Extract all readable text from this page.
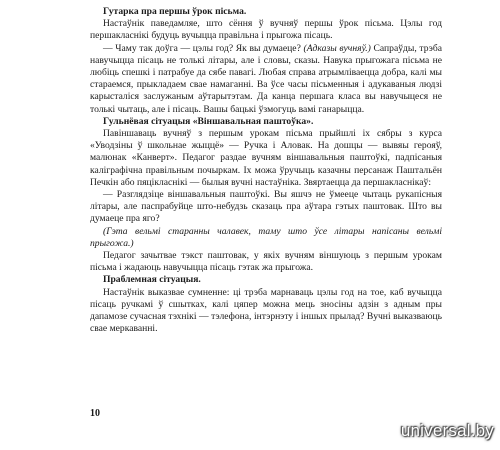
Гутарка пра першы ўрок пісьма.

Настаўнік паведамляе, што сёння ў вучняў першы ўрок пісьма. Цэлы год першакласнікі будуць вучыцца правільна і прыгожа пісаць.

— Чаму так доўга — цэлы год? Як вы думаеце? (Адказы вучняў.) Сапраўды, трэба навучыцца пісаць не толькі літары, але і словы, сказы. Навука прыгожага пісьма не любіць спешкі і патрабуе да сябе павагі. Любая справа атрымліваецца добра, калі мы стараемся, прыкладаем свае намаганні. Ва ўсе часы пісьменныя і адукаваныя людзі карысталіся заслужаным аўтарытэтам. Да канца першага класа вы навучыцеся не толькі чытаць, але і пісаць. Вашы бацькі ўзмогуць вамі ганарыцца.

Гульнёвая сітуацыя «Віншавальная паштоўка».

Павіншаваць вучняў з першым урокам пісьма прыйшлі іх сябры з курса «Уводзіны ў школьнае жыццё» — Ручка і Аловак. На дошцы — вывяы герояў, малюнак «Канверт». Педагог раздае вучням віншавальныя паштоўкі, падпісаныя каліграфічна правільным почыркам. Іх можа ўручыць казачны персанаж Паштальён Печкін або пяцікласнікі — былыя вучні настаўніка. Звяртаецца да першакласнікаў:

— Разглядзіце віншавальныя паштоўкі. Вы яшчэ не ўмееце чытаць рукапісныя літары, але паспрабуйце што-небудзь сказаць пра аўтара гэтых паштовак. Што вы думаеце пра яго?

(Гэта вельмі старанны чалавек, таму што ўсе літары напісаны вельмі прыгожа.)

Педагог зачытвае тэкст паштовак, у якіх вучням віншуюць з першым урокам пісьма і жадаюць навучыцца пісаць гэтак жа прыгожа.

Праблемная сітуацыя.

Настаўнік выказвае сумненне: ці трэба марнаваць цэлы год на тое, каб вучыцца пісаць ручкамі ў сшытках, калі цяпер можна мець зносіны адзін з адным пры дапамозе сучасная тэхнікі — тэлефона, інтэрнэту і іншых прылад? Вучні выказваюць свае меркаванні.

10
universal.by
